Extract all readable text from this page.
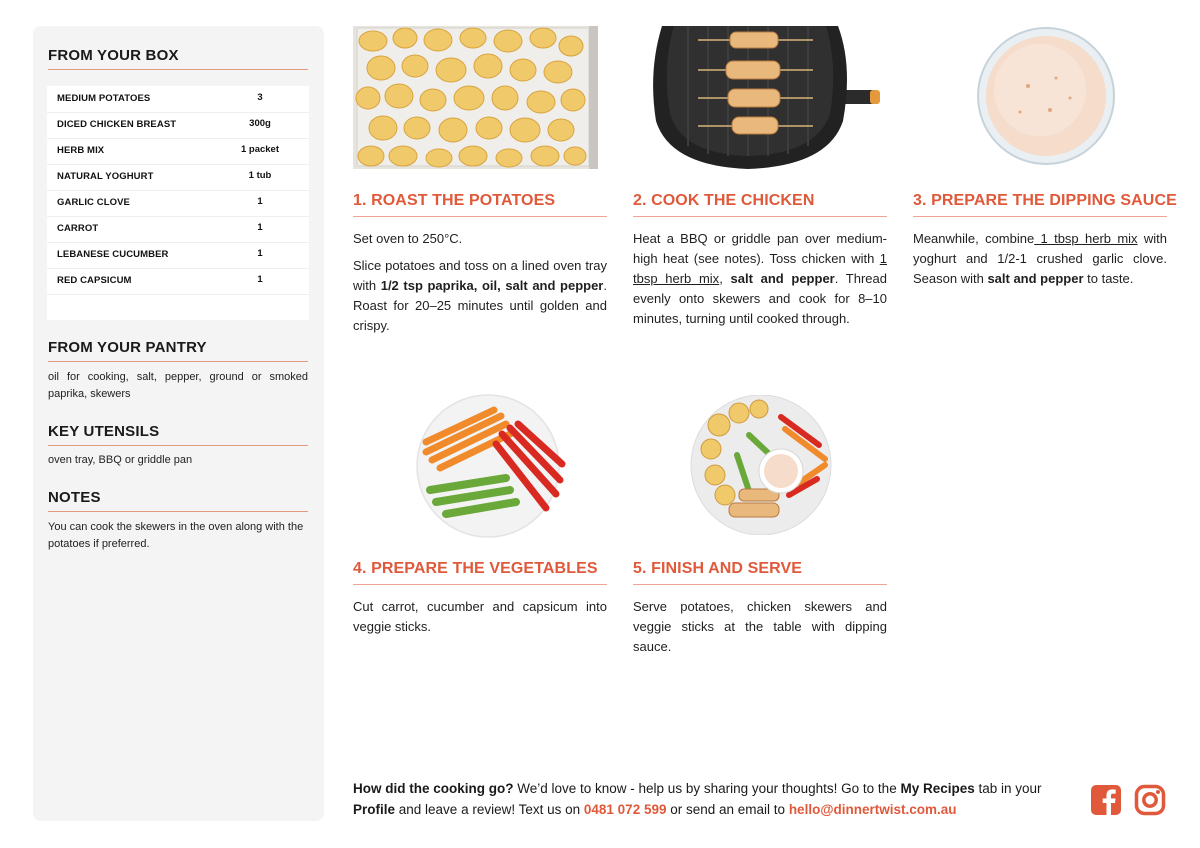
FROM YOUR BOX
MEDIUM POTATOES	3
DICED CHICKEN BREAST	300g
HERB MIX	1 packet
NATURAL YOGHURT	1 tub
GARLIC CLOVE	1
CARROT	1
LEBANESE CUCUMBER	1
RED CAPSICUM	1
FROM YOUR PANTRY
oil for cooking, salt, pepper, ground or smoked paprika, skewers
KEY UTENSILS
oven tray, BBQ or griddle pan
NOTES
You can cook the skewers in the oven along with the potatoes if preferred.
1. ROAST THE POTATOES

Set oven to 250°C.

Slice potatoes and toss on a lined oven tray with 1/2 tsp paprika, oil, salt and pepper. Roast for 20–25 minutes until golden and crispy.

2. COOK THE CHICKEN

Heat a BBQ or griddle pan over medium-high heat (see notes). Toss chicken with 1 tbsp herb mix, salt and pepper. Thread evenly onto skewers and cook for 8–10 minutes, turning until cooked through.

3. PREPARE THE DIPPING SAUCE

Meanwhile, combine 1 tbsp herb mix with yoghurt and 1/2-1 crushed garlic clove. Season with salt and pepper to taste.

4. PREPARE THE VEGETABLES
Cut carrot, cucumber and capsicum into veggie sticks.
5. FINISH AND SERVE
Serve potatoes, chicken skewers and veggie sticks at the table with dipping sauce.
How did the cooking go? We’d love to know - help us by sharing your thoughts! Go to the My Recipes tab in your Profile and leave a review! Text us on 0481 072 599 or send an email to hello@dinnertwist.com.au
